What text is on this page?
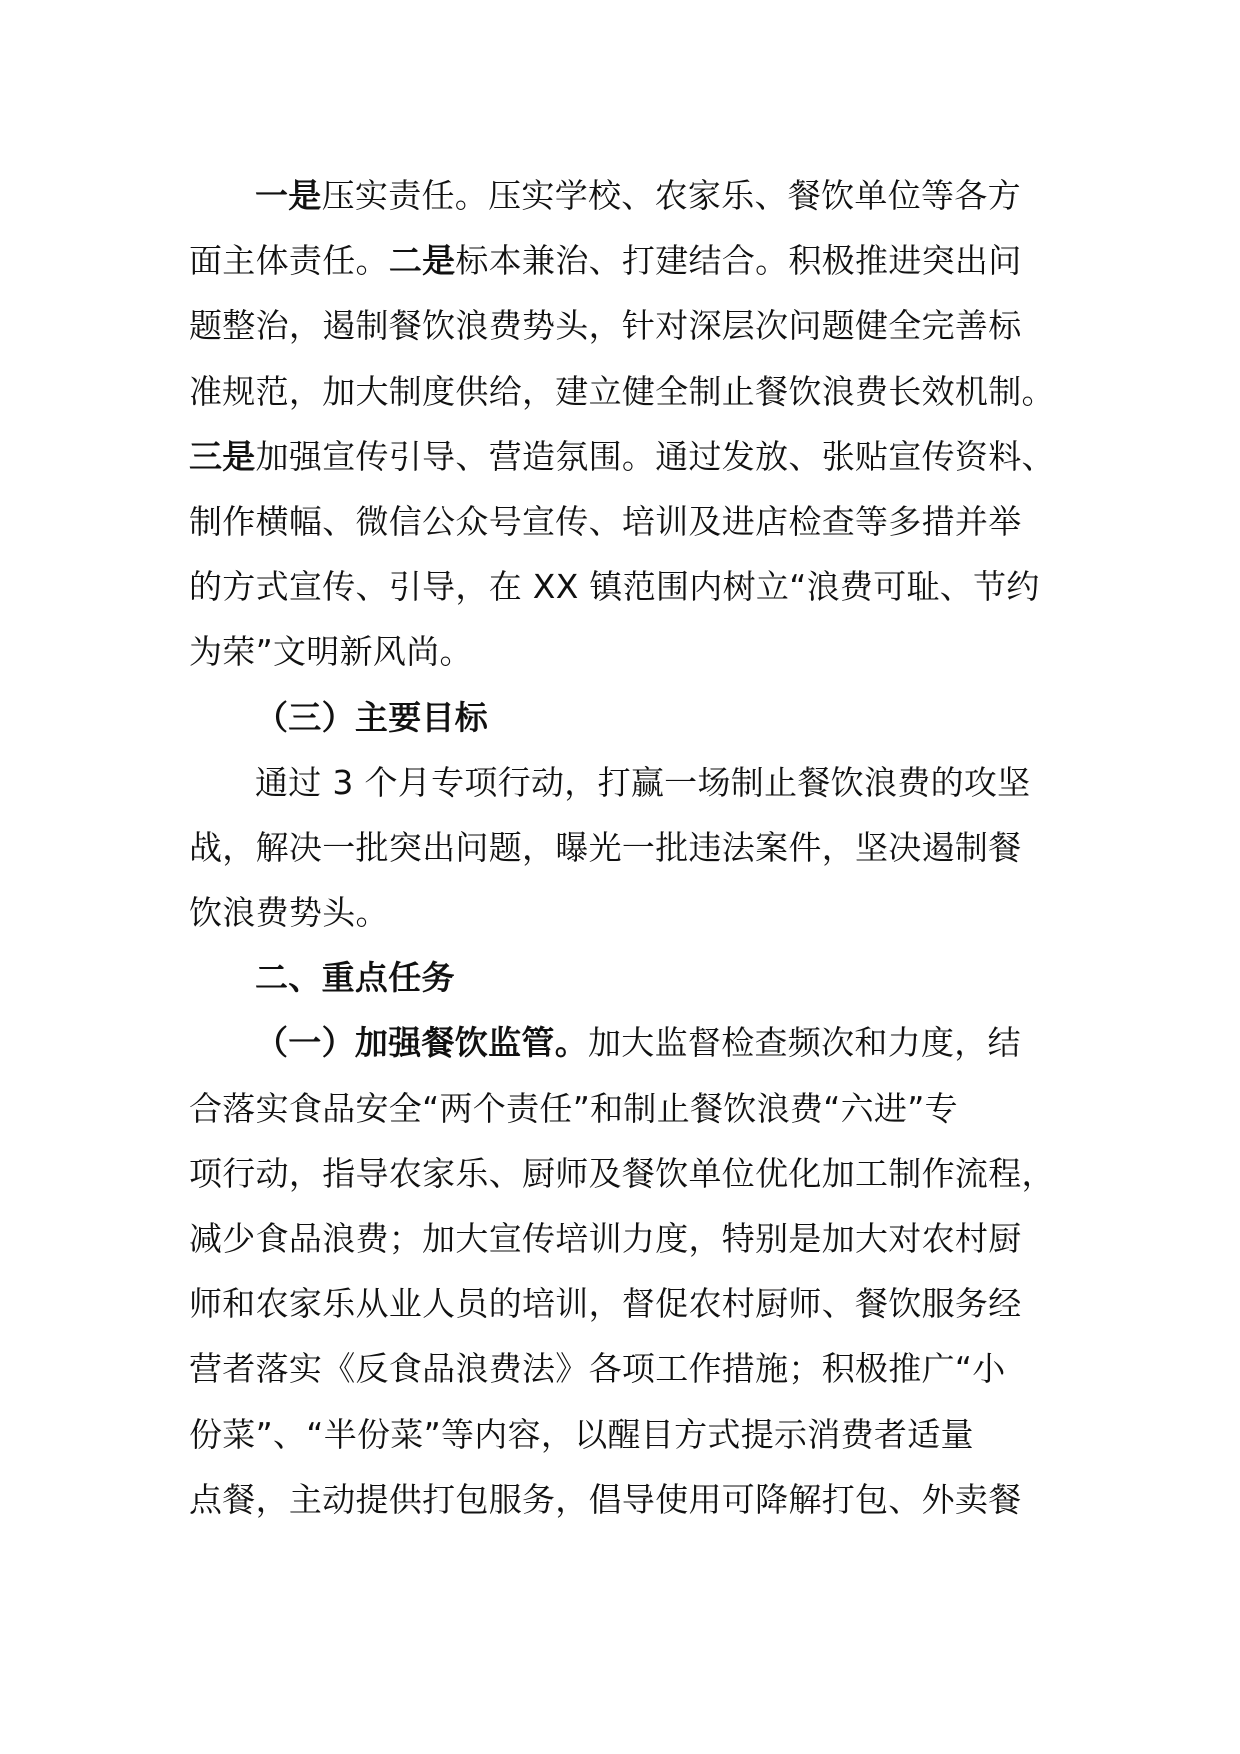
一是压实责任。压实学校、农家乐、餐饮单位等各方
面主体责任。二是标本兼治、打建结合。积极推进突出问
题整治，遏制餐饮浪费势头，针对深层次问题健全完善标
准规范，加大制度供给，建立健全制止餐饮浪费长效机制。
三是加强宣传引导、营造氛围。通过发放、张贴宣传资料、
制作横幅、微信公众号宣传、培训及进店检查等多措并举
的方式宣传、引导，在 XX 镇范围内树立“浪费可耻、节约
为荣”文明新风尚。
（三）主要目标
通过 3 个月专项行动，打赢一场制止餐饮浪费的攻坚
战，解决一批突出问题，曝光一批违法案件，坚决遏制餐
饮浪费势头。
二、重点任务
（一）加强餐饮监管。加大监督检查频次和力度，结
合落实食品安全“两个责任”和制止餐饮浪费“六进”专
项行动，指导农家乐、厨师及餐饮单位优化加工制作流程，
减少食品浪费；加大宣传培训力度，特别是加大对农村厨
师和农家乐从业人员的培训，督促农村厨师、餐饮服务经
营者落实《反食品浪费法》各项工作措施；积极推广“小
份菜”、“半份菜”等内容，以醒目方式提示消费者适量
点餐，主动提供打包服务，倡导使用可降解打包、外卖餐
